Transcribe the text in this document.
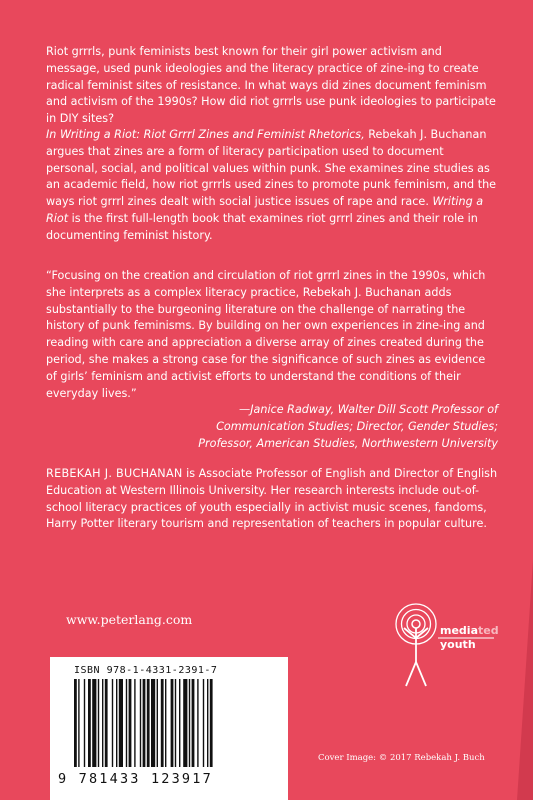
Riot grrrls, punk feminists best known for their girl power activism and message, used punk ideologies and the literacy practice of zine-ing to create radical feminist sites of resistance. In what ways did zines document feminism and activism of the 1990s? How did riot grrrls use punk ideologies to participate in DIY sites?

In Writing a Riot: Riot Grrrl Zines and Feminist Rhetorics, Rebekah J. Buchanan argues that zines are a form of literacy participation used to document personal, social, and political values within punk. She examines zine studies as an academic field, how riot grrrls used zines to promote punk feminism, and the ways riot grrrl zines dealt with social justice issues of rape and race. Writing a Riot is the first full-length book that examines riot grrrl zines and their role in documenting feminist history.

“Focusing on the creation and circulation of riot grrrl zines in the 1990s, which she interprets as a complex literacy practice, Rebekah J. Buchanan adds substantially to the burgeoning literature on the challenge of narrating the history of punk feminisms. By building on her own experiences in zine-ing and reading with care and appreciation a diverse array of zines created during the period, she makes a strong case for the significance of such zines as evidence of girls’ feminism and activist efforts to understand the conditions of their everyday lives.”

—Janice Radway, Walter Dill Scott Professor of

Communication Studies; Director, Gender Studies;

Professor, American Studies, Northwestern University

REBEKAH J. BUCHANAN is Associate Professor of English and Director of English Education at Western Illinois University. Her research interests include out-of-school literacy practices of youth especially in activist music scenes, fandoms, Harry Potter literary tourism and representation of teachers in popular culture.

www.peterlang.com
mediated
youth
ISBN 978-1-4331-2391-7
9 781433 123917
Cover Image: © 2017 Rebekah J. Buch
